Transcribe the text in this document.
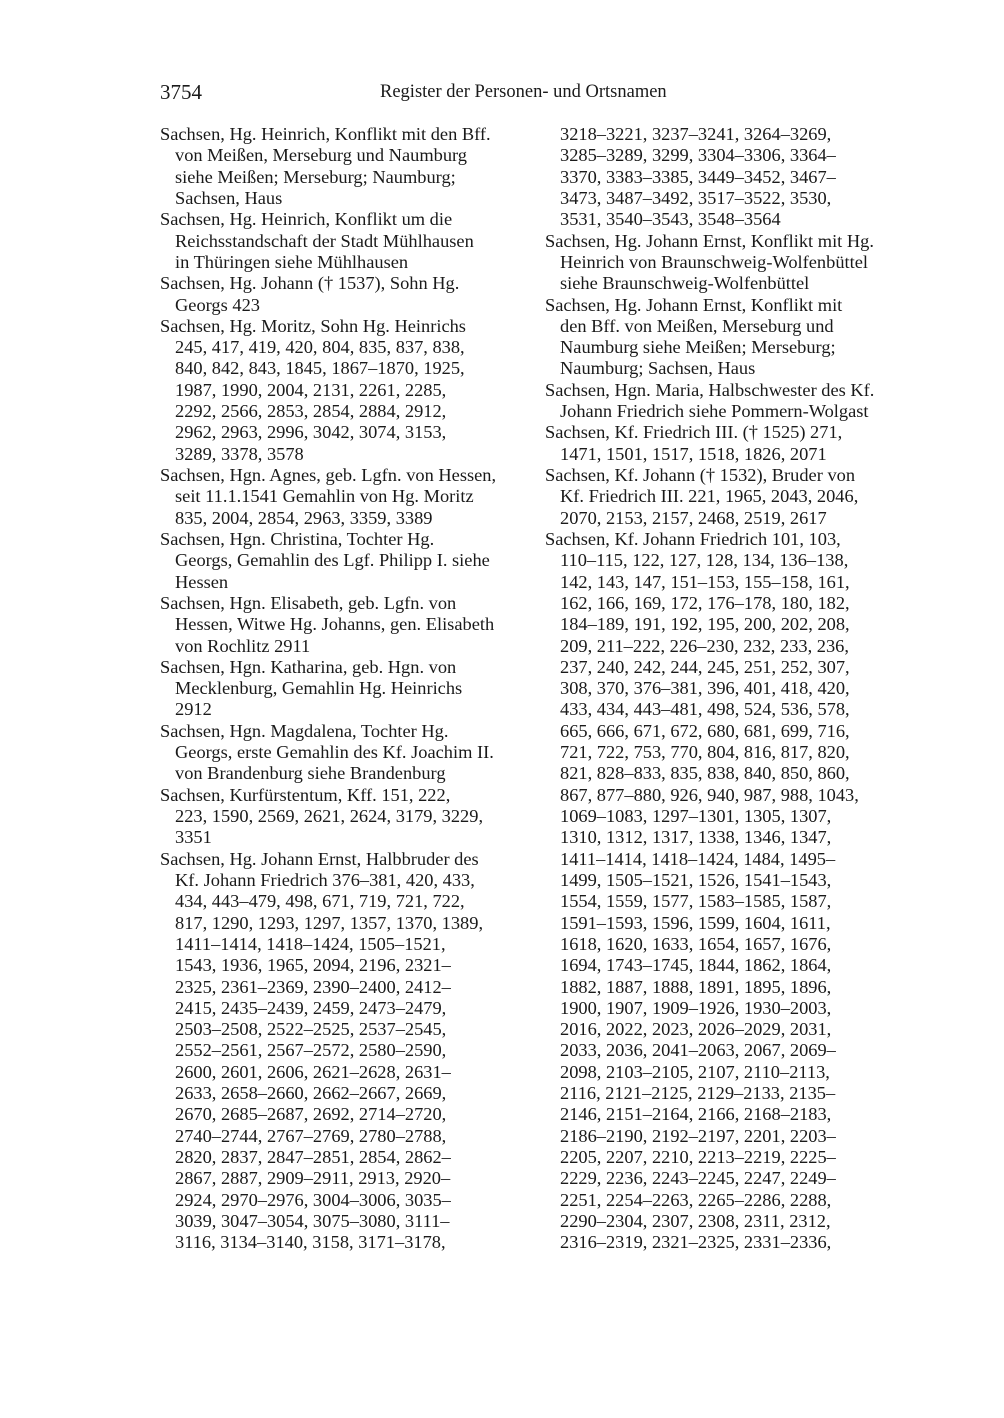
3754	Register der Personen- und Ortsnamen
Sachsen, Hg. Heinrich, Konflikt mit den Bff.
von Meißen, Merseburg und Naumburg
siehe Meißen; Merseburg; Naumburg;
Sachsen, Haus
Sachsen, Hg. Heinrich, Konflikt um die
Reichsstandschaft der Stadt Mühlhausen
in Thüringen siehe Mühlhausen
Sachsen, Hg. Johann († 1537), Sohn Hg.
Georgs 423
Sachsen, Hg. Moritz, Sohn Hg. Heinrichs
245, 417, 419, 420, 804, 835, 837, 838,
840, 842, 843, 1845, 1867–1870, 1925,
1987, 1990, 2004, 2131, 2261, 2285,
2292, 2566, 2853, 2854, 2884, 2912,
2962, 2963, 2996, 3042, 3074, 3153,
3289, 3378, 3578
Sachsen, Hgn. Agnes, geb. Lgfn. von Hessen,
seit 11.1.1541 Gemahlin von Hg. Moritz
835, 2004, 2854, 2963, 3359, 3389
Sachsen, Hgn. Christina, Tochter Hg.
Georgs, Gemahlin des Lgf. Philipp I. siehe
Hessen
Sachsen, Hgn. Elisabeth, geb. Lgfn. von
Hessen, Witwe Hg. Johanns, gen. Elisabeth
von Rochlitz 2911
Sachsen, Hgn. Katharina, geb. Hgn. von
Mecklenburg, Gemahlin Hg. Heinrichs
2912
Sachsen, Hgn. Magdalena, Tochter Hg.
Georgs, erste Gemahlin des Kf. Joachim II.
von Brandenburg siehe Brandenburg
Sachsen, Kurfürstentum, Kff. 151, 222,
223, 1590, 2569, 2621, 2624, 3179, 3229,
3351
Sachsen, Hg. Johann Ernst, Halbbruder des
Kf. Johann Friedrich 376–381, 420, 433,
434, 443–479, 498, 671, 719, 721, 722,
817, 1290, 1293, 1297, 1357, 1370, 1389,
1411–1414, 1418–1424, 1505–1521,
1543, 1936, 1965, 2094, 2196, 2321–
2325, 2361–2369, 2390–2400, 2412–
2415, 2435–2439, 2459, 2473–2479,
2503–2508, 2522–2525, 2537–2545,
2552–2561, 2567–2572, 2580–2590,
2600, 2601, 2606, 2621–2628, 2631–
2633, 2658–2660, 2662–2667, 2669,
2670, 2685–2687, 2692, 2714–2720,
2740–2744, 2767–2769, 2780–2788,
2820, 2837, 2847–2851, 2854, 2862–
2867, 2887, 2909–2911, 2913, 2920–
2924, 2970–2976, 3004–3006, 3035–
3039, 3047–3054, 3075–3080, 3111–
3116, 3134–3140, 3158, 3171–3178,
3218–3221, 3237–3241, 3264–3269,
3285–3289, 3299, 3304–3306, 3364–
3370, 3383–3385, 3449–3452, 3467–
3473, 3487–3492, 3517–3522, 3530,
3531, 3540–3543, 3548–3564
Sachsen, Hg. Johann Ernst, Konflikt mit Hg.
Heinrich von Braunschweig-Wolfenbüttel
siehe Braunschweig-Wolfenbüttel
Sachsen, Hg. Johann Ernst, Konflikt mit
den Bff. von Meißen, Merseburg und
Naumburg siehe Meißen; Merseburg;
Naumburg; Sachsen, Haus
Sachsen, Hgn. Maria, Halbschwester des Kf.
Johann Friedrich siehe Pommern-Wolgast
Sachsen, Kf. Friedrich III. († 1525) 271,
1471, 1501, 1517, 1518, 1826, 2071
Sachsen, Kf. Johann († 1532), Bruder von
Kf. Friedrich III. 221, 1965, 2043, 2046,
2070, 2153, 2157, 2468, 2519, 2617
Sachsen, Kf. Johann Friedrich 101, 103,
110–115, 122, 127, 128, 134, 136–138,
142, 143, 147, 151–153, 155–158, 161,
162, 166, 169, 172, 176–178, 180, 182,
184–189, 191, 192, 195, 200, 202, 208,
209, 211–222, 226–230, 232, 233, 236,
237, 240, 242, 244, 245, 251, 252, 307,
308, 370, 376–381, 396, 401, 418, 420,
433, 434, 443–481, 498, 524, 536, 578,
665, 666, 671, 672, 680, 681, 699, 716,
721, 722, 753, 770, 804, 816, 817, 820,
821, 828–833, 835, 838, 840, 850, 860,
867, 877–880, 926, 940, 987, 988, 1043,
1069–1083, 1297–1301, 1305, 1307,
1310, 1312, 1317, 1338, 1346, 1347,
1411–1414, 1418–1424, 1484, 1495–
1499, 1505–1521, 1526, 1541–1543,
1554, 1559, 1577, 1583–1585, 1587,
1591–1593, 1596, 1599, 1604, 1611,
1618, 1620, 1633, 1654, 1657, 1676,
1694, 1743–1745, 1844, 1862, 1864,
1882, 1887, 1888, 1891, 1895, 1896,
1900, 1907, 1909–1926, 1930–2003,
2016, 2022, 2023, 2026–2029, 2031,
2033, 2036, 2041–2063, 2067, 2069–
2098, 2103–2105, 2107, 2110–2113,
2116, 2121–2125, 2129–2133, 2135–
2146, 2151–2164, 2166, 2168–2183,
2186–2190, 2192–2197, 2201, 2203–
2205, 2207, 2210, 2213–2219, 2225–
2229, 2236, 2243–2245, 2247, 2249–
2251, 2254–2263, 2265–2286, 2288,
2290–2304, 2307, 2308, 2311, 2312,
2316–2319, 2321–2325, 2331–2336,
